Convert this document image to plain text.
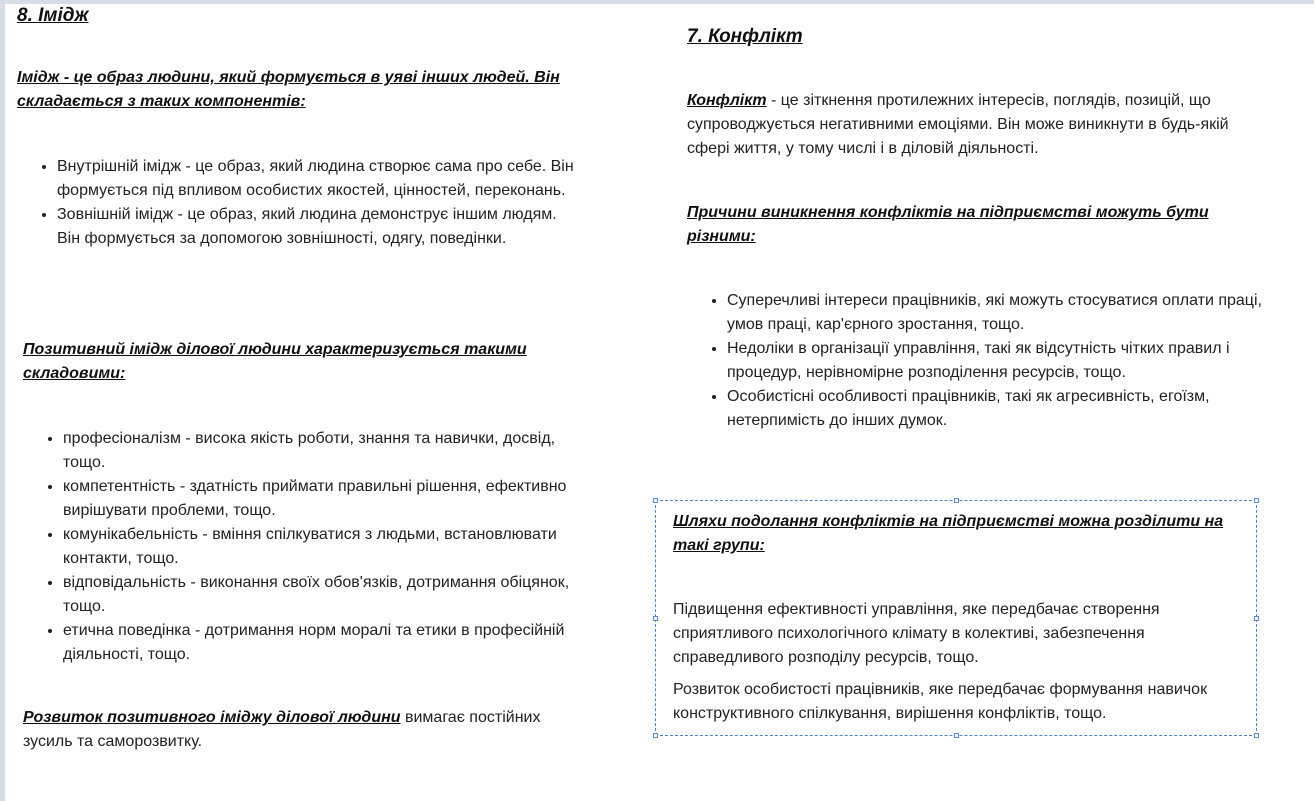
8. Імідж

Імідж - це образ людини, який формується в уяві інших людей. Він складається з таких компонентів:

• Внутрішній імідж - це образ, який людина створює сама про себе. Він формується під впливом особистих якостей, цінностей, переконань.
• Зовнішній імідж - це образ, який людина демонструє іншим людям. Він формується за допомогою зовнішності, одягу, поведінки.

Позитивний імідж ділової людини характеризується такими складовими:

• професіоналізм - висока якість роботи, знання та навички, досвід, тощо.
• компетентність - здатність приймати правильні рішення, ефективно вирішувати проблеми, тощо.
• комунікабельність - вміння спілкуватися з людьми, встановлювати контакти, тощо.
• відповідальність - виконання своїх обов'язків, дотримання обіцянок, тощо.
• етична поведінка - дотримання норм моралі та етики в професійній діяльності, тощо.

Розвиток позитивного іміджу ділової людини вимагає постійних зусиль та саморозвитку.

7. Конфлікт

Конфлікт - це зіткнення протилежних інтересів, поглядів, позицій, що супроводжується негативними емоціями. Він може виникнути в будь-якій сфері життя, у тому числі і в діловій діяльності.

Причини виникнення конфліктів на підприємстві можуть бути різними:

• Суперечливі інтереси працівників, які можуть стосуватися оплати праці, умов праці, кар'єрного зростання, тощо.
• Недоліки в організації управління, такі як відсутність чітких правил і процедур, нерівномірне розподілення ресурсів, тощо.
• Особистісні особливості працівників, такі як агресивність, егоїзм, нетерпимість до інших думок.

Шляхи подолання конфліктів на підприємстві можна розділити на такі групи:

Підвищення ефективності управління, яке передбачає створення сприятливого психологічного клімату в колективі, забезпечення справедливого розподілу ресурсів, тощо.

Розвиток особистості працівників, яке передбачає формування навичок конструктивного спілкування, вирішення конфліктів, тощо.
